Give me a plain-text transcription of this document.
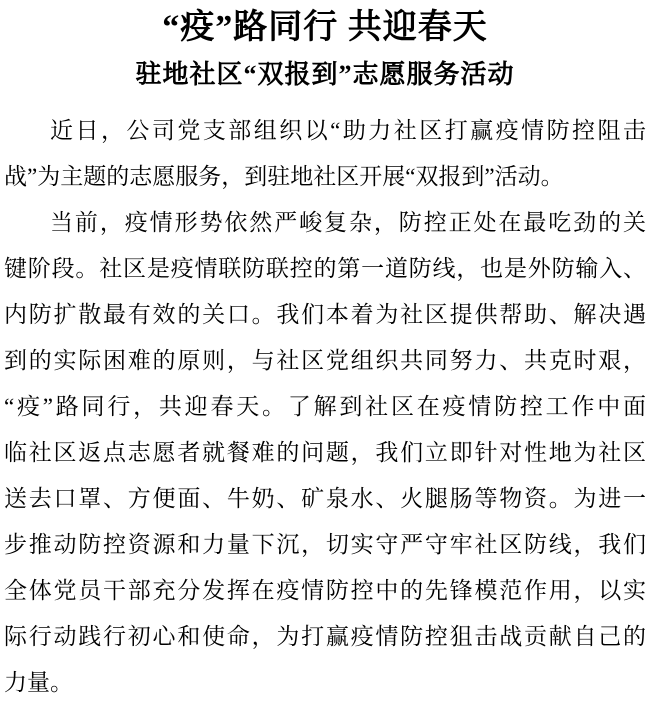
“疫”路同行 共迎春天
驻地社区“双报到”志愿服务活动
近日，公司党支部组织以“助力社区打赢疫情防控阻击
战”为主题的志愿服务，到驻地社区开展“双报到”活动。
当前，疫情形势依然严峻复杂，防控正处在最吃劲的关
键阶段。社区是疫情联防联控的第一道防线，也是外防输入、
内防扩散最有效的关口。我们本着为社区提供帮助、解决遇
到的实际困难的原则，与社区党组织共同努力、共克时艰，
“疫”路同行，共迎春天。了解到社区在疫情防控工作中面
临社区返点志愿者就餐难的问题，我们立即针对性地为社区
送去口罩、方便面、牛奶、矿泉水、火腿肠等物资。为进一
步推动防控资源和力量下沉，切实守严守牢社区防线，我们
全体党员干部充分发挥在疫情防控中的先锋模范作用，以实
际行动践行初心和使命，为打赢疫情防控狙击战贡献自己的
力量。
